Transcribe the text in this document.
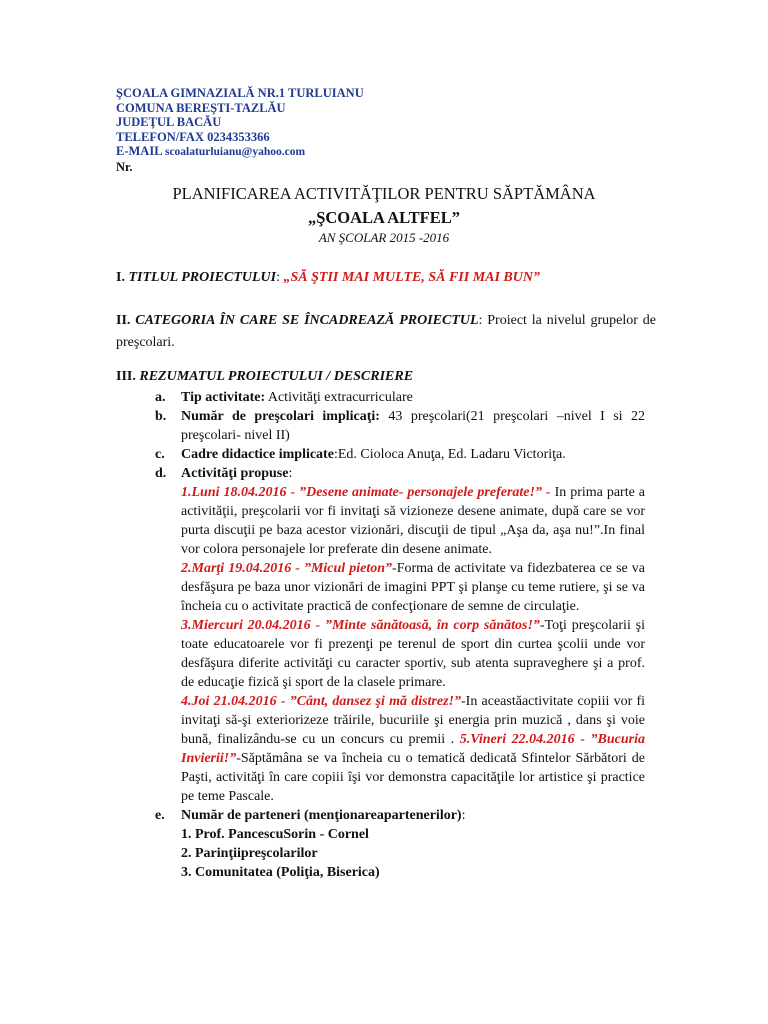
ŞCOALA GIMNAZIALĂ NR.1 TURLUIANU
COMUNA BEREŞTI-TAZLĂU
JUDEŢUL BACĂU
TELEFON/FAX 0234353366
E-MAIL scoalaturluianu@yahoo.com
Nr.
PLANIFICAREA ACTIVITĂŢILOR PENTRU SĂPTĂMÂNA
„ŞCOALA ALTFEL”
AN ŞCOLAR 2015 -2016
I. TITLUL PROIECTULUI: „SĂ ŞTII MAI MULTE, SĂ FII MAI BUN”
II. CATEGORIA ÎN CARE SE ÎNCADREAZĂ PROIECTUL: Proiect la nivelul grupelor de preşcolari.
III. REZUMATUL PROIECTULUI / DESCRIERE
a. Tip activitate: Activităţi extracurriculare
b. Număr de preşcolari implicaţi: 43 preşcolari(21 preşcolari –nivel I si 22 preşcolari- nivel II)
c. Cadre didactice implicate:Ed. Cioloca Anuţa, Ed. Ladaru Victoriţa.
d. Activităţi propuse:
1.Luni 18.04.2016 - ”Desene animate- personajele preferate!” - In prima parte a activităţii, preşcolarii vor fi invitaţi să vizioneze desene animate, după care se vor purta discuţii pe baza acestor vizionări, discuţii de tipul „Aşa da, aşa nu!”.In final vor colora personajele lor preferate din desene animate.
2.Marţi 19.04.2016 - ”Micul pieton”-Forma de activitate va fidezbaterea ce se va desfăşura pe baza unor vizionări de imagini PPT şi planşe cu teme rutiere, şi se va încheia cu o activitate practică de confecţionare de semne de circulaţie.
3.Miercuri 20.04.2016 - ”Minte sănătoasă, în corp sănătos!”-Toţi preşcolarii şi toate educatoarele vor fi prezenţi pe terenul de sport din curtea şcolii unde vor desfăşura diferite activităţi cu caracter sportiv, sub atenta supraveghere şi a prof. de educaţie fizică şi sport de la clasele primare.
4.Joi 21.04.2016 - ”Cânt, dansez şi mă distrez!”-In aceastăactivitate copiii vor fi invitaţi să-şi exteriorizeze trăirile, bucuriile şi energia prin muzică , dans şi voie bună, finalizându-se cu un concurs cu premii . 5.Vineri 22.04.2016 - ”Bucuria Invierii!”-Săptămâna se va încheia cu o tematică dedicată Sfintelor Sărbători de Paşti, activităţi în care copiii îşi vor demonstra capacităţile lor artistice şi practice pe teme Pascale.
e. Număr de parteneri (menţionareapartenerilor):
1. Prof. PancescuSorin - Cornel
2. Parinţiipreşcolarilor
3. Comunitatea (Poliţia, Biserica)
